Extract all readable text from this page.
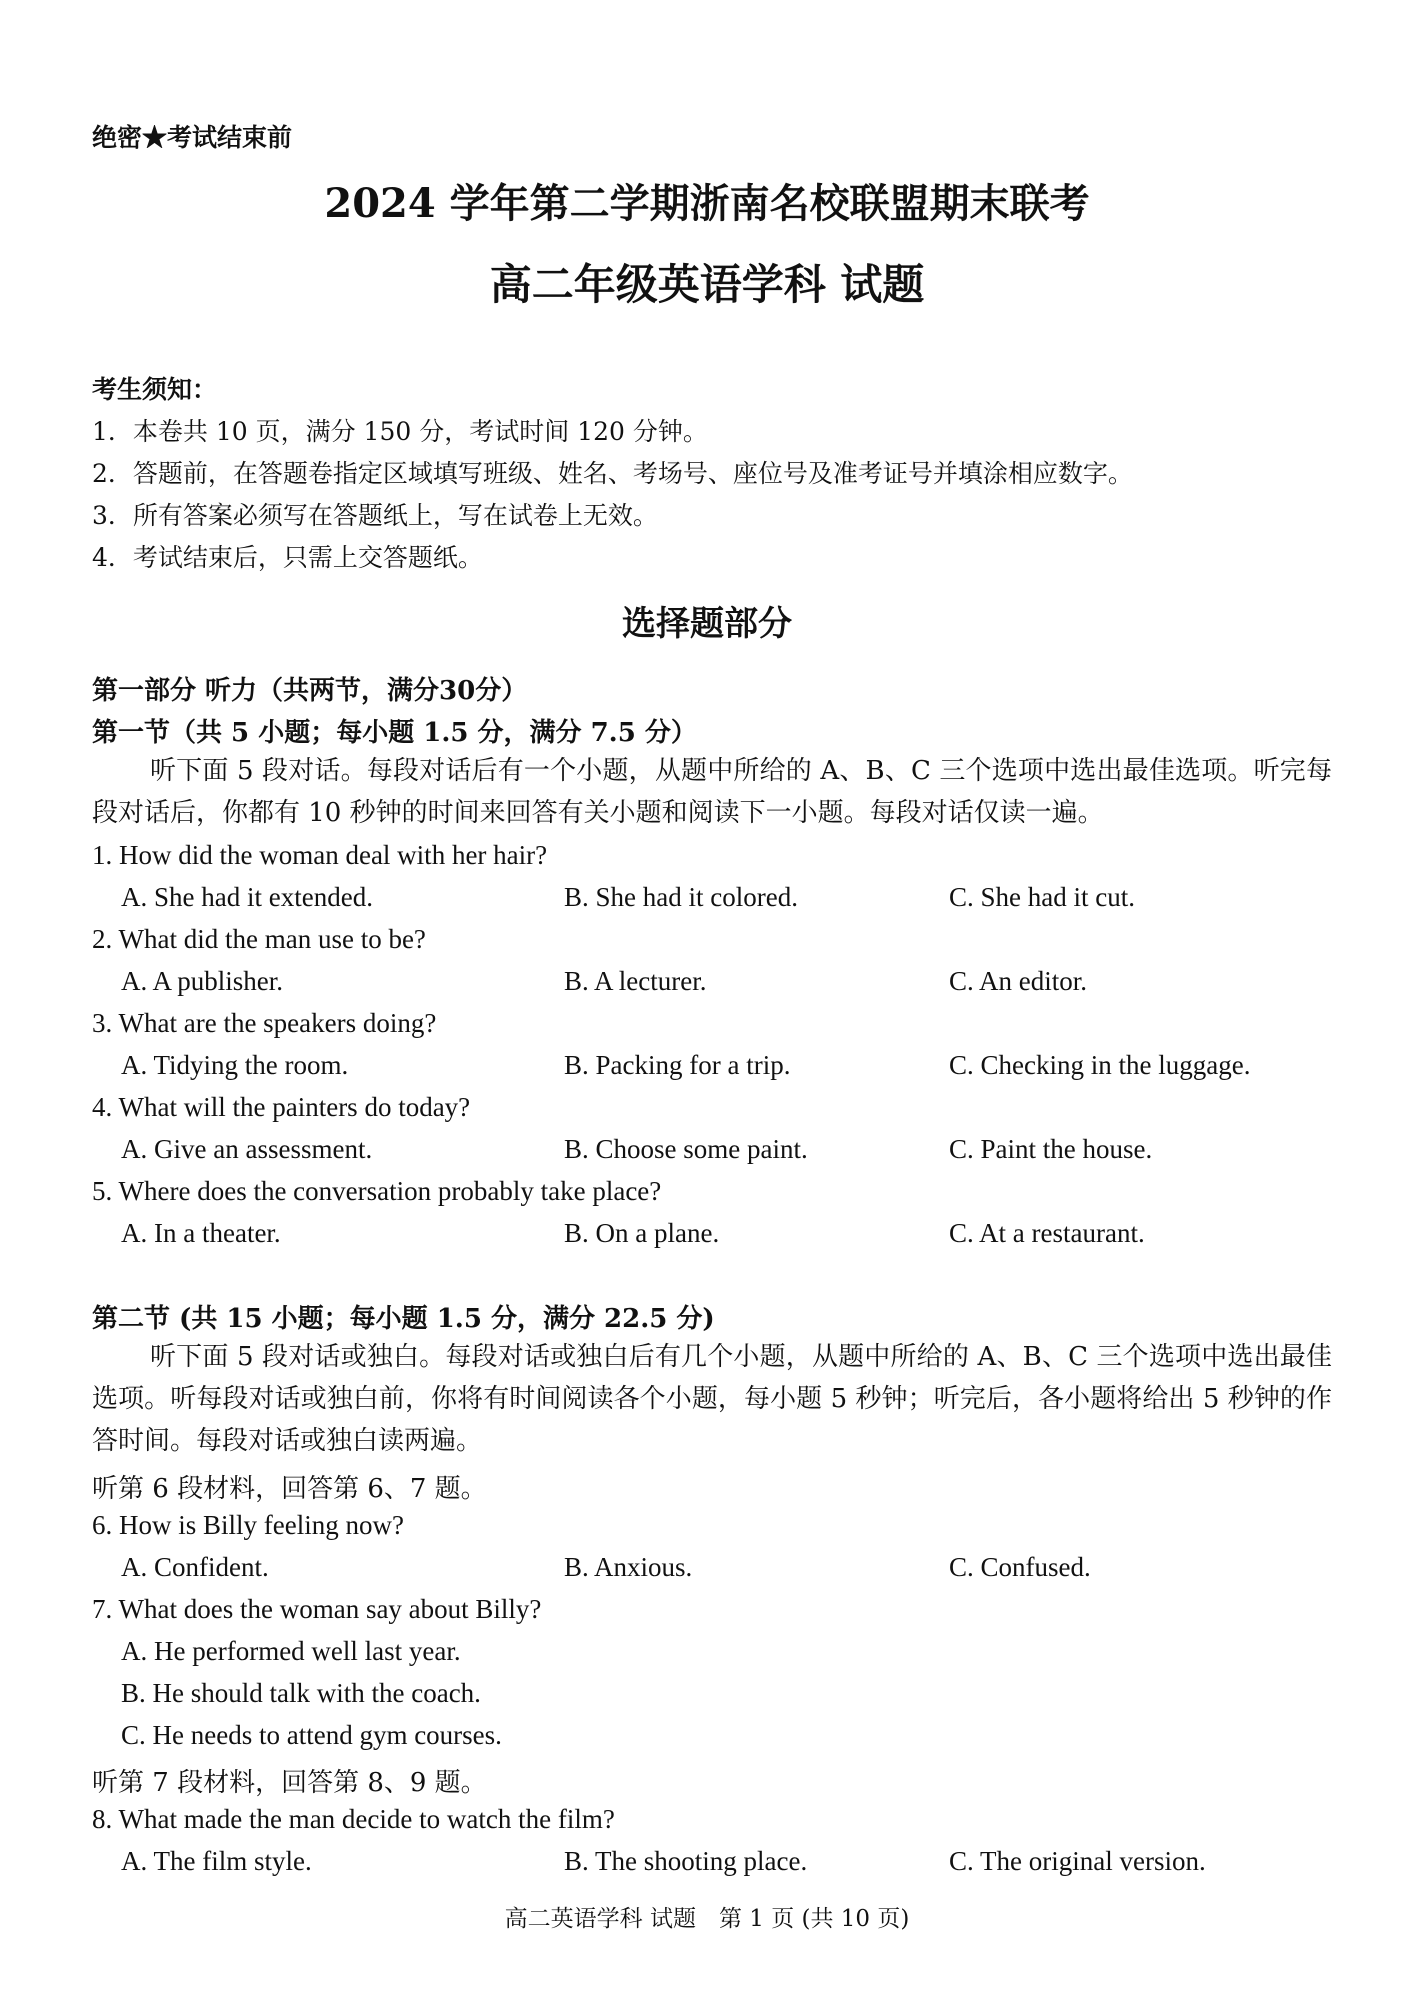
绝密★考试结束前
2024 学年第二学期浙南名校联盟期末联考
高二年级英语学科 试题
考生须知：
1．本卷共 10 页，满分 150 分，考试时间 120 分钟。
2．答题前，在答题卷指定区域填写班级、姓名、考场号、座位号及准考证号并填涂相应数字。
3．所有答案必须写在答题纸上，写在试卷上无效。
4．考试结束后，只需上交答题纸。
选择题部分
第一部分 听力（共两节，满分30分）
第一节（共 5 小题；每小题 1.5 分，满分 7.5 分）
听下面 5 段对话。每段对话后有一个小题，从题中所给的 A、B、C 三个选项中选出最佳选项。听完每段对话后，你都有 10 秒钟的时间来回答有关小题和阅读下一小题。每段对话仅读一遍。
1. How did the woman deal with her hair?
A. She had it extended.	B. She had it colored.	C. She had it cut.
2. What did the man use to be?
A. A publisher.	B. A lecturer.	C. An editor.
3. What are the speakers doing?
A. Tidying the room.	B. Packing for a trip.	C. Checking in the luggage.
4. What will the painters do today?
A. Give an assessment.	B. Choose some paint.	C. Paint the house.
5. Where does the conversation probably take place?
A. In a theater.	B. On a plane.	C. At a restaurant.
第二节 (共 15 小题；每小题 1.5 分，满分 22.5 分)
听下面 5 段对话或独白。每段对话或独白后有几个小题，从题中所给的 A、B、C 三个选项中选出最佳选项。听每段对话或独白前，你将有时间阅读各个小题，每小题 5 秒钟；听完后，各小题将给出 5 秒钟的作答时间。每段对话或独白读两遍。
听第 6 段材料，回答第 6、7 题。
6. How is Billy feeling now?
A. Confident.	B. Anxious.	C. Confused.
7. What does the woman say about Billy?
A. He performed well last year.
B. He should talk with the coach.
C. He needs to attend gym courses.
听第 7 段材料，回答第 8、9 题。
8. What made the man decide to watch the film?
A. The film style.	B. The shooting place.	C. The original version.
高二英语学科 试题　第 1 页 (共 10 页)
